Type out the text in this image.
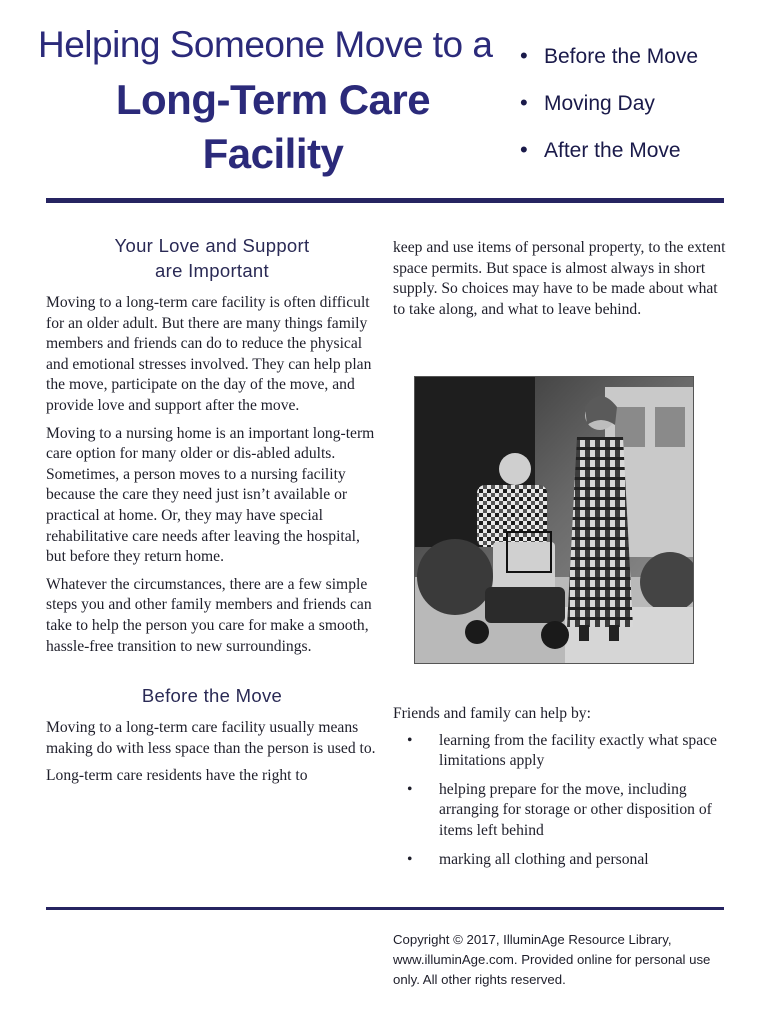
Helping Someone Move to a
Long-Term Care
Facility
• Before the Move
• Moving Day
• After the Move
Your Love and Support
are Important

Moving to a long-term care facility is often difficult for an older adult. But there are many things family members and friends can do to reduce the physical and emotional stresses involved. They can help plan the move, participate on the day of the move, and provide love and support after the move.

Moving to a nursing home is an important long-term care option for many older or dis-abled adults. Sometimes, a person moves to a nursing facility because the care they need just isn’t available or practical at home. Or, they may have special rehabilitative care needs after leaving the hospital, but before they return home.

Whatever the circumstances, there are a few simple steps you and other family members and friends can take to help the person you care for make a smooth, hassle-free transition to new surroundings.

Before the Move

Moving to a long-term care facility usually means making do with less space than the person is used to.

Long-term care residents have the right to

keep and use items of personal property, to the extent space permits. But space is almost always in short supply. So choices may have to be made about what to take along, and what to leave behind.

Friends and family can help by:

• learning from the facility exactly what space limitations apply
• helping prepare for the move, including arranging for storage or other disposition of items left behind
• marking all clothing and personal
Copyright © 2017, IlluminAge Resource Library,
www.illuminAge.com. Provided online for personal use
only. All other rights reserved.
